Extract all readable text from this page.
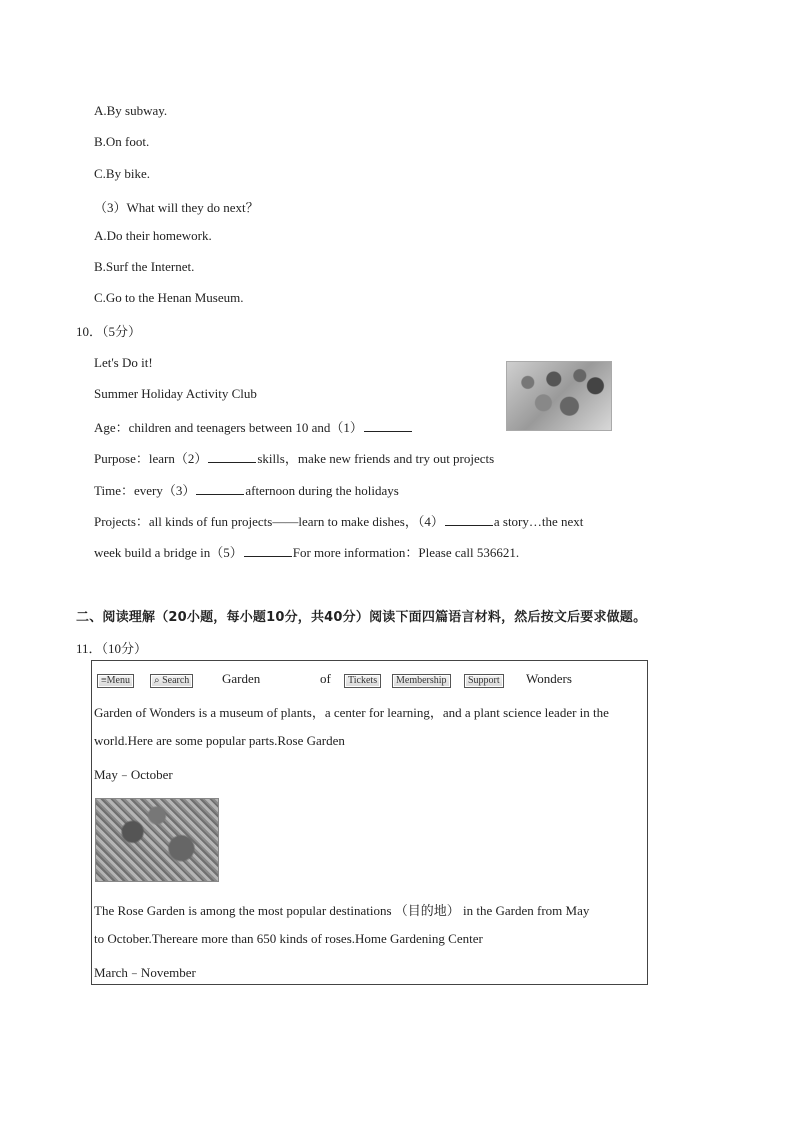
A.By subway.
B.On foot.
C.By bike.
（3）What will they do next？
A.Do their homework.
B.Surf the Internet.
C.Go to the Henan Museum.
10．（5分）
Let's Do it!
Summer Holiday Activity Club
Age：children and teenagers between 10 and（1）
Purpose：learn（2）	skills，make new friends and try out projects
Time：every（3）	afternoon during the holidays
Projects：all kinds of fun projects——learn to make dishes，（4）	a story…the next
week build a bridge in（5）	For more information：Please call 536621.
二、阅读理解（20小题，每小题10分，共40分）阅读下面四篇语言材料，然后按文后要求做题。
11．（10分）
≡Menu	⌕ Search	Garden	of	Tickets	Membership	Support	Wonders
Garden of Wonders is a museum of plants，a center for learning，and a plant science leader in the
world.Here are some popular parts.Rose Garden
May﹣October
The Rose Garden is among the most popular destinations （目的地） in the Garden from May
to October.Thereare more than 650 kinds of roses.Home Gardening Center
March﹣November
